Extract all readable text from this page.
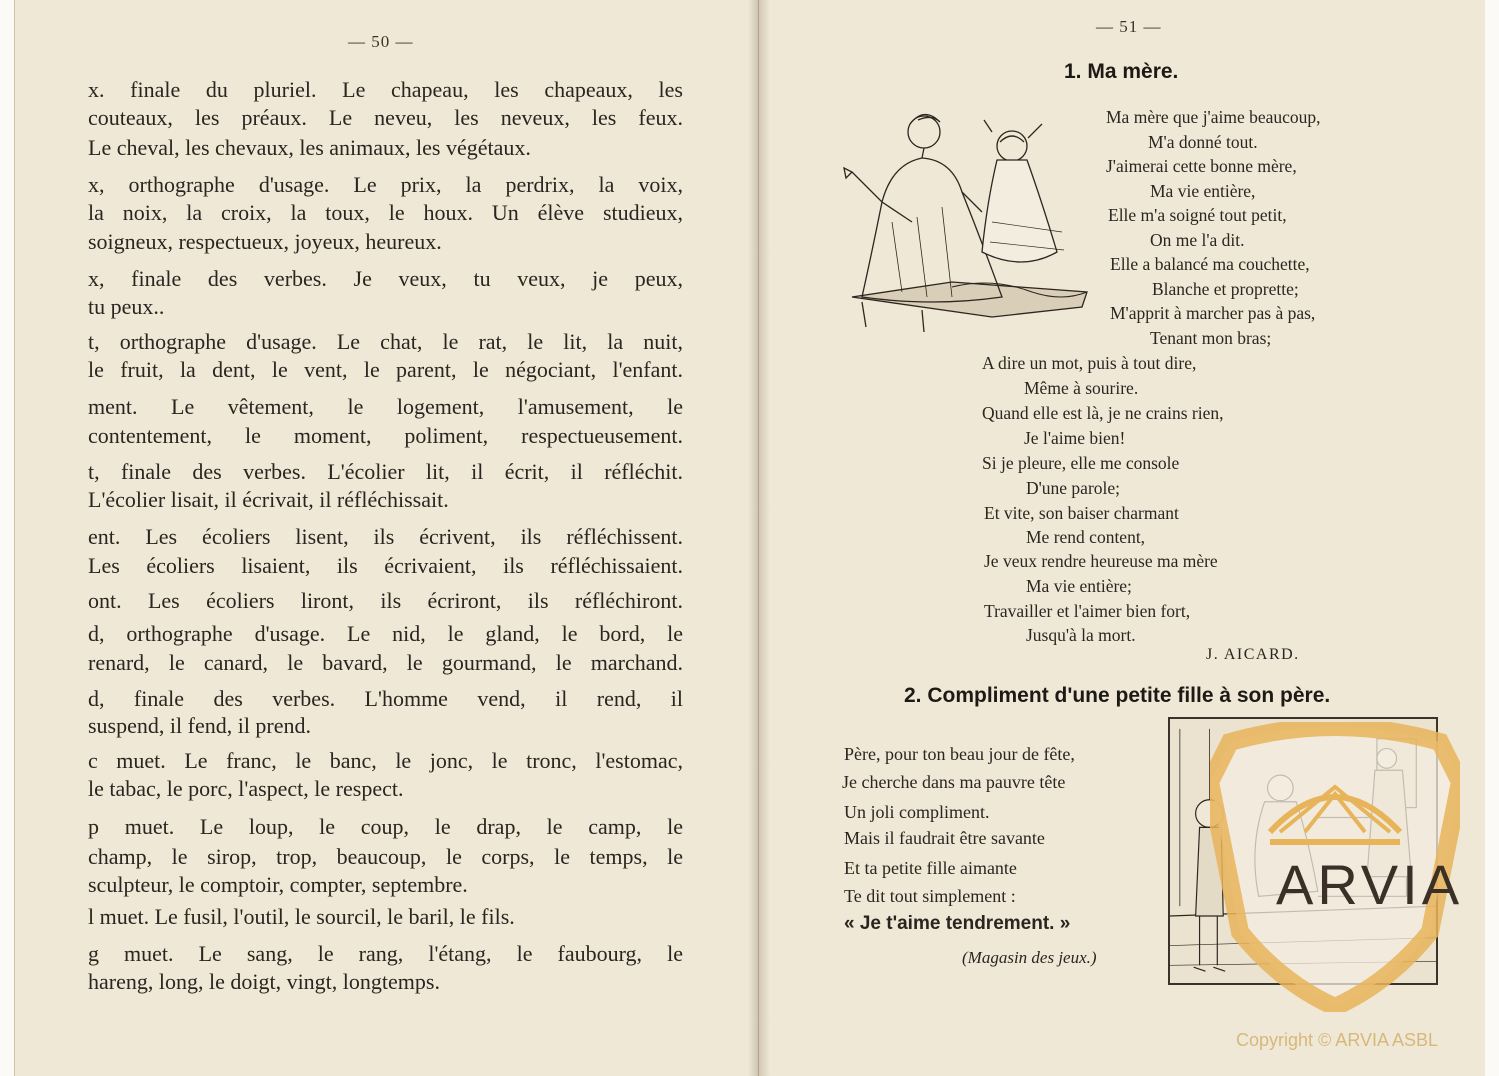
— 50 —

x. finale du pluriel. Le chapeau, les chapeaux, les

couteaux, les préaux. Le neveu, les neveux, les feux.

Le cheval, les chevaux, les animaux, les végétaux.

x, orthographe d'usage. Le prix, la perdrix, la voix,

la noix, la croix, la toux, le houx. Un élève studieux,

soigneux, respectueux, joyeux, heureux.

x, finale des verbes. Je veux, tu veux, je peux,

tu peux..

t, orthographe d'usage. Le chat, le rat, le lit, la nuit,

le fruit, la dent, le vent, le parent, le négociant, l'enfant.

ment. Le vêtement, le logement, l'amusement, le

contentement, le moment, poliment, respectueusement.

t, finale des verbes. L'écolier lit, il écrit, il réfléchit.

L'écolier lisait, il écrivait, il réfléchissait.

ent. Les écoliers lisent, ils écrivent, ils réfléchissent.

Les écoliers lisaient, ils écrivaient, ils réfléchissaient.

ont. Les écoliers liront, ils écriront, ils réfléchiront.

d, orthographe d'usage. Le nid, le gland, le bord, le

renard, le canard, le bavard, le gourmand, le marchand.

d, finale des verbes. L'homme vend, il rend, il

suspend, il fend, il prend.

c muet. Le franc, le banc, le jonc, le tronc, l'estomac,

le tabac, le porc, l'aspect, le respect.

p muet. Le loup, le coup, le drap, le camp, le

champ, le sirop, trop, beaucoup, le corps, le temps, le

sculpteur, le comptoir, compter, septembre.

l muet. Le fusil, l'outil, le sourcil, le baril, le fils.

g muet. Le sang, le rang, l'étang, le faubourg, le

hareng, long, le doigt, vingt, longtemps.

— 51 —
1. Ma mère.
Ma mère que j'aime beaucoup,
M'a donné tout.
J'aimerai cette bonne mère,
Ma vie entière,
Elle m'a soigné tout petit,
On me l'a dit.
Elle a balancé ma couchette,
Blanche et proprette;
M'apprit à marcher pas à pas,
Tenant mon bras;
A dire un mot, puis à tout dire,
Même à sourire.
Quand elle est là, je ne crains rien,
Je l'aime bien!
Si je pleure, elle me console
D'une parole;
Et vite, son baiser charmant
Me rend content,
Je veux rendre heureuse ma mère
Ma vie entière;
Travailler et l'aimer bien fort,
Jusqu'à la mort.
J. AICARD.
2. Compliment d'une petite fille à son père.
Père, pour ton beau jour de fête,
Je cherche dans ma pauvre tête
Un joli compliment.
Mais il faudrait être savante
Et ta petite fille aimante
Te dit tout simplement :
« Je t'aime tendrement. »
(Magasin des jeux.)
ARVIA
Copyright © ARVIA ASBL
